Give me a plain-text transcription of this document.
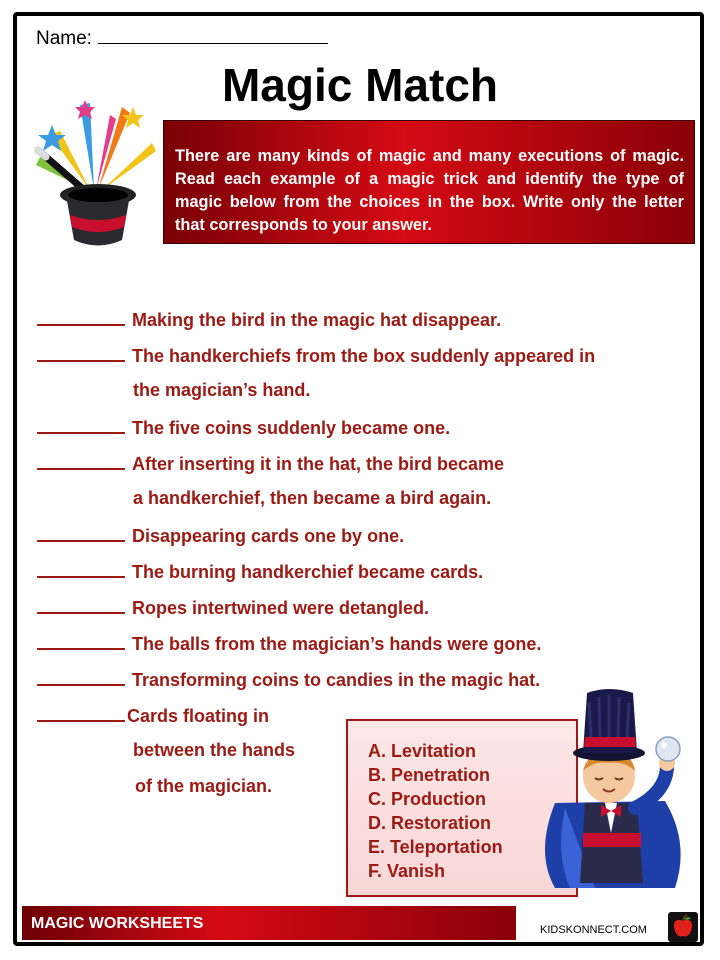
Name:
Magic Match
There are many kinds of magic and many executions of magic. Read each example of a magic trick and identify the type of magic below from the choices in the box. Write only the letter that corresponds to your answer.
Making the bird in the magic hat disappear.
The handkerchiefs from the box suddenly appeared in
the magician’s hand.
The five coins suddenly became one.
After inserting it in the hat, the bird became
a handkerchief, then became a bird again.
Disappearing cards one by one.
The burning handkerchief became cards.
Ropes intertwined were detangled.
The balls from the magician’s hands were gone.
Transforming coins to candies in the magic hat.
Cards floating in
between the hands
of the magician.
A. Levitation
B. Penetration
C. Production
D. Restoration
E. Teleportation
F. Vanish
MAGIC WORKSHEETS	KIDSKONNECT.COM
